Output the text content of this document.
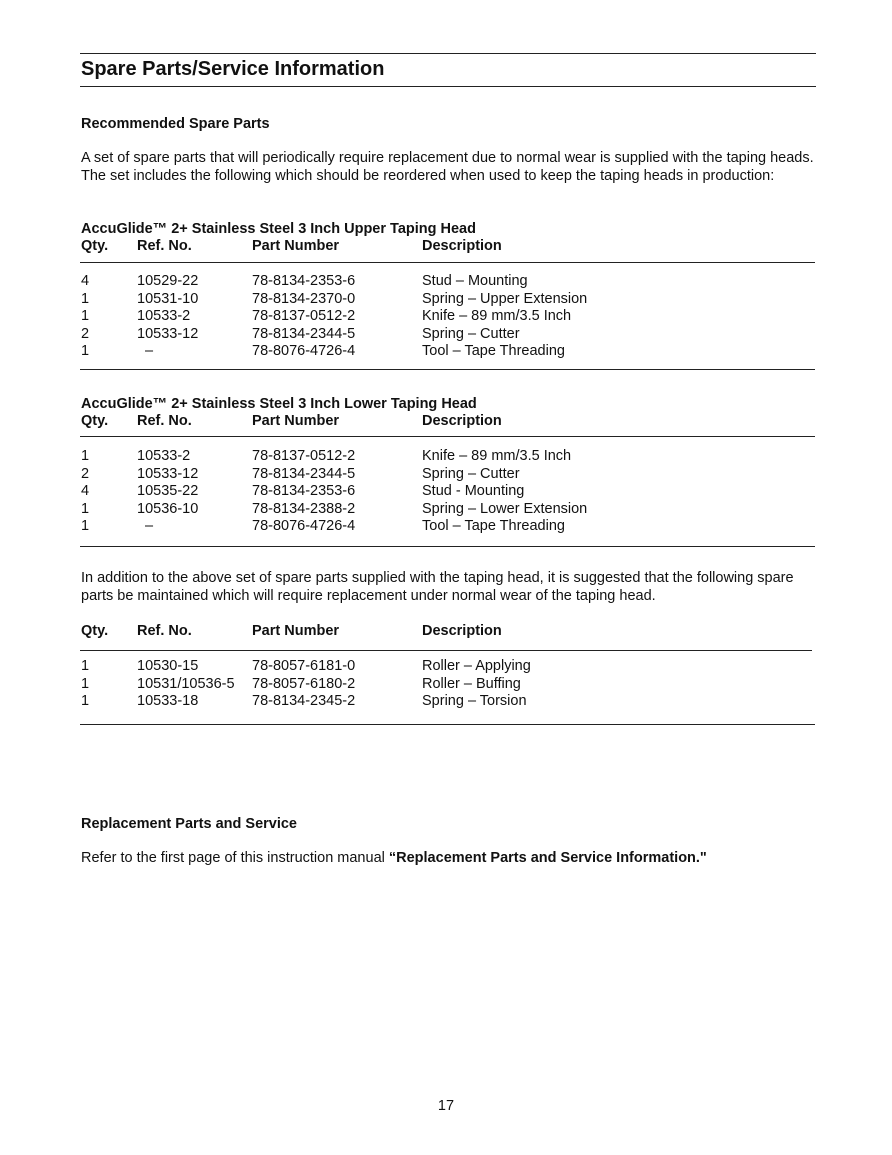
Spare Parts/Service Information
Recommended Spare Parts
A set of spare parts that will periodically require replacement due to normal wear is supplied with the taping heads.
The set includes the following which should be reordered when used to keep the taping heads in production:
AccuGlide™ 2+ Stainless Steel 3 Inch Upper Taping Head
Qty. Ref. No.	Part Number	Description
4	10529-22	78-8134-2353-6	Stud – Mounting
1	10531-10	78-8134-2370-0	Spring – Upper Extension
1	10533-2	78-8137-0512-2	Knife – 89 mm/3.5 Inch
2	10533-12	78-8134-2344-5	Spring – Cutter
1	–	78-8076-4726-4	Tool – Tape Threading
AccuGlide™ 2+ Stainless Steel 3 Inch Lower Taping Head
Qty. Ref. No.	Part Number	Description
1	10533-2	78-8137-0512-2	Knife – 89 mm/3.5 Inch
2	10533-12	78-8134-2344-5	Spring – Cutter
4	10535-22	78-8134-2353-6	Stud - Mounting
1	10536-10	78-8134-2388-2	Spring – Lower Extension
1	–	78-8076-4726-4	Tool – Tape Threading
In addition to the above set of spare parts supplied with the taping head, it is suggested that the following spare
parts be maintained which will require replacement under normal wear of the taping head.
Qty. Ref. No.	Part Number	Description
1	10530-15	78-8057-6181-0	Roller – Applying
1	10531/10536-5 78-8057-6180-2	Roller – Buffing
1	10533-18	78-8134-2345-2	Spring – Torsion
Replacement Parts and Service
Refer to the first page of this instruction manual “Replacement Parts and Service Information."
17
